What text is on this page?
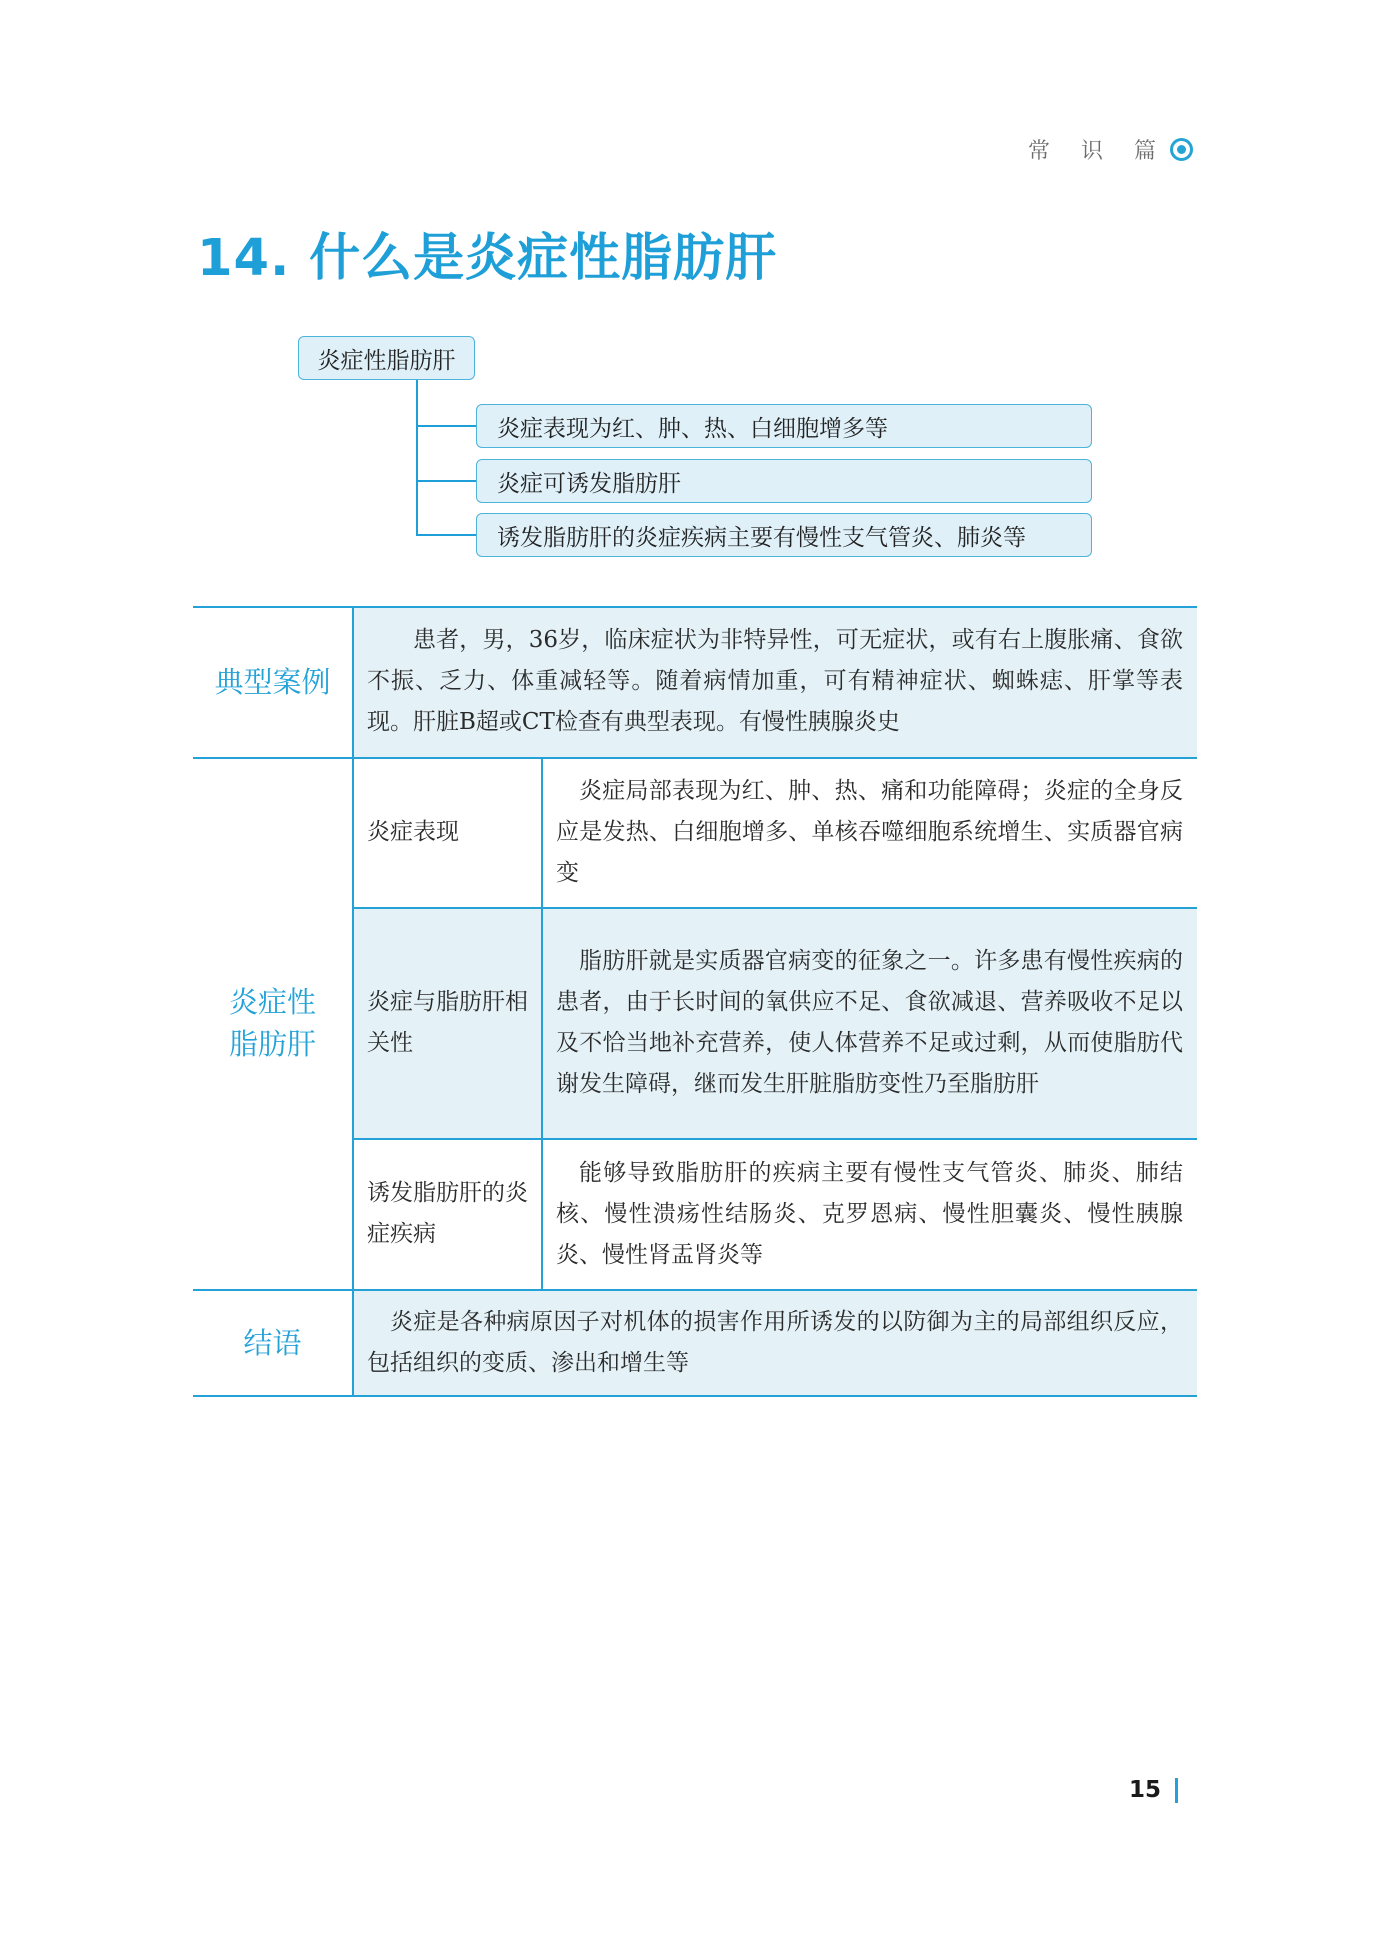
常 识 篇
14. 什么是炎症性脂肪肝
炎症性脂肪肝
炎症表现为红、肿、热、白细胞增多等
炎症可诱发脂肪肝
诱发脂肪肝的炎症疾病主要有慢性支气管炎、肺炎等
典型案例
患者，男，36岁，临床症状为非特异性，可无症状，或有右上腹胀痛、食欲不振、乏力、体重减轻等。随着病情加重，可有精神症状、蜘蛛痣、肝掌等表现。肝脏B超或CT检查有典型表现。有慢性胰腺炎史
炎症性脂肪肝
炎症表现
炎症局部表现为红、肿、热、痛和功能障碍；炎症的全身反应是发热、白细胞增多、单核吞噬细胞系统增生、实质器官病变
炎症与脂肪肝相关性
脂肪肝就是实质器官病变的征象之一。许多患有慢性疾病的患者，由于长时间的氧供应不足、食欲减退、营养吸收不足以及不恰当地补充营养，使人体营养不足或过剩，从而使脂肪代谢发生障碍，继而发生肝脏脂肪变性乃至脂肪肝
诱发脂肪肝的炎症疾病
能够导致脂肪肝的疾病主要有慢性支气管炎、肺炎、肺结核、慢性溃疡性结肠炎、克罗恩病、慢性胆囊炎、慢性胰腺炎、慢性肾盂肾炎等
结语
炎症是各种病原因子对机体的损害作用所诱发的以防御为主的局部组织反应，包括组织的变质、渗出和增生等
15
